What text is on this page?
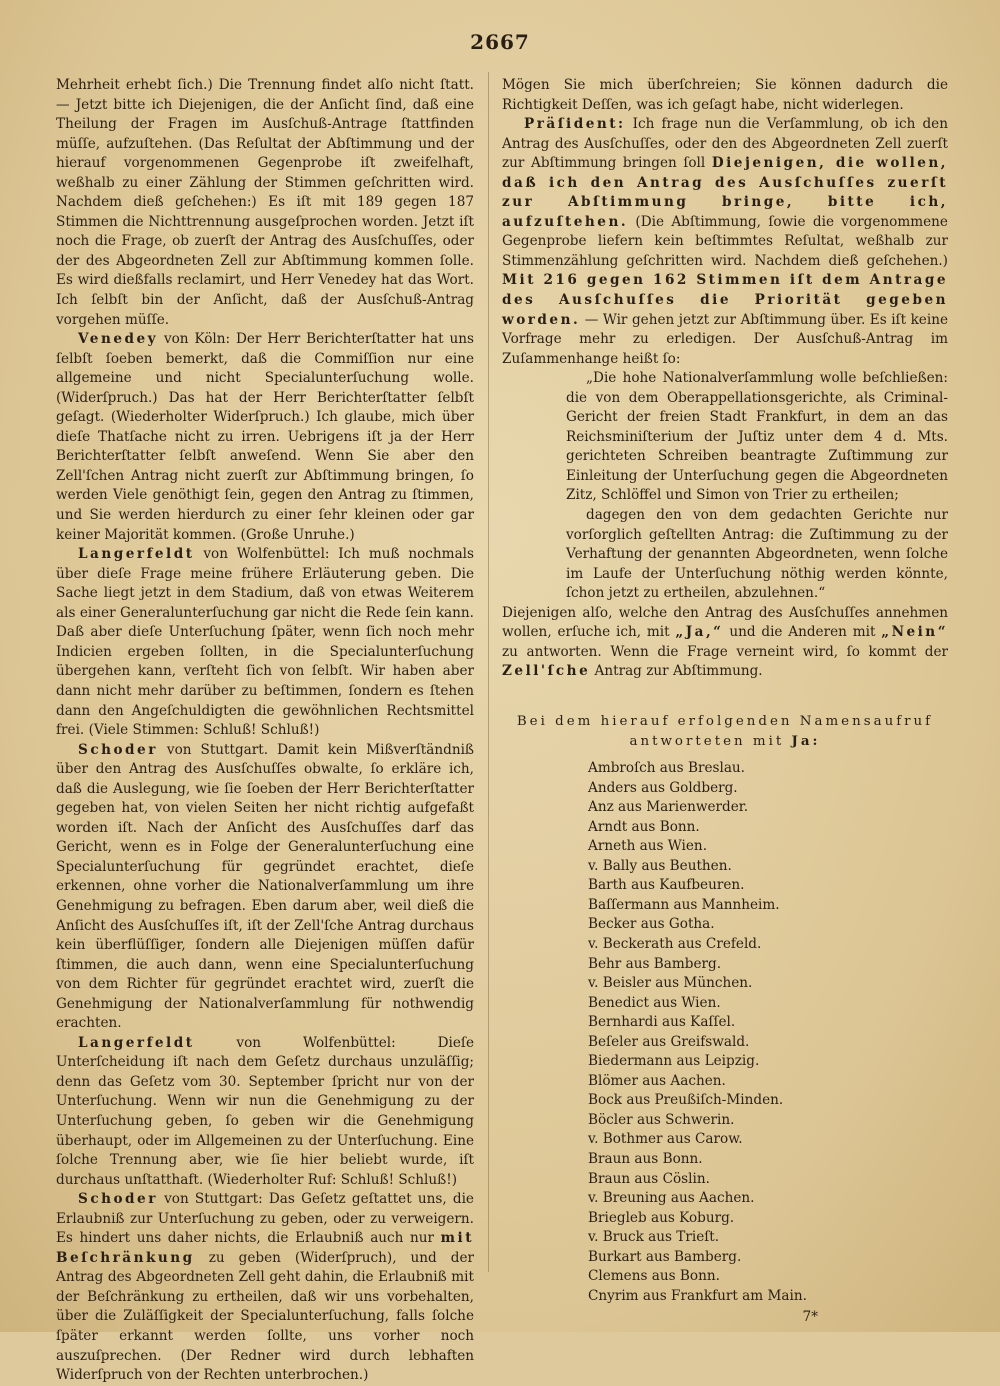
2667

Mehrheit erhebt ſich.) Die Trennung findet alſo nicht ſtatt. — Jetzt bitte ich Diejenigen, die der Anſicht ſind, daß eine Theilung der Fragen im Ausſchuß-Antrage ſtattfinden müſſe, aufzuſtehen. (Das Reſultat der Abſtimmung und der hierauf vorgenommenen Gegenprobe iſt zweifelhaft, weßhalb zu einer Zählung der Stimmen geſchritten wird. Nachdem dieß geſchehen:) Es iſt mit 189 gegen 187 Stimmen die Nichttrennung ausgeſprochen worden. Jetzt iſt noch die Frage, ob zuerſt der Antrag des Ausſchuſſes, oder der des Abgeordneten Zell zur Abſtimmung kommen ſolle. Es wird dießfalls reclamirt, und Herr Venedey hat das Wort. Ich ſelbſt bin der Anſicht, daß der Ausſchuß-Antrag vorgehen müſſe.

Venedey von Köln: Der Herr Berichterſtatter hat uns ſelbſt ſoeben bemerkt, daß die Commiſſion nur eine allgemeine und nicht Specialunterſuchung wolle. (Widerſpruch.) Das hat der Herr Berichterſtatter ſelbſt geſagt. (Wiederholter Widerſpruch.) Ich glaube, mich über dieſe Thatſache nicht zu irren. Uebrigens iſt ja der Herr Berichterſtatter ſelbſt anweſend. Wenn Sie aber den Zell'ſchen Antrag nicht zuerſt zur Abſtimmung bringen, ſo werden Viele genöthigt ſein, gegen den Antrag zu ſtimmen, und Sie werden hierdurch zu einer ſehr kleinen oder gar keiner Majorität kommen. (Große Unruhe.)

Langerfeldt von Wolfenbüttel: Ich muß nochmals über dieſe Frage meine frühere Erläuterung geben. Die Sache liegt jetzt in dem Stadium, daß von etwas Weiterem als einer Generalunterſuchung gar nicht die Rede ſein kann. Daß aber dieſe Unterſuchung ſpäter, wenn ſich noch mehr Indicien ergeben ſollten, in die Specialunterſuchung übergehen kann, verſteht ſich von ſelbſt. Wir haben aber dann nicht mehr darüber zu beſtimmen, ſondern es ſtehen dann den Angeſchuldigten die gewöhnlichen Rechtsmittel frei. (Viele Stimmen: Schluß! Schluß!)

Schoder von Stuttgart. Damit kein Mißverſtändniß über den Antrag des Ausſchuſſes obwalte, ſo erkläre ich, daß die Auslegung, wie ſie ſoeben der Herr Berichterſtatter gegeben hat, von vielen Seiten her nicht richtig aufgefaßt worden iſt. Nach der Anſicht des Ausſchuſſes darf das Gericht, wenn es in Folge der Generalunterſuchung eine Specialunterſuchung für gegründet erachtet, dieſe erkennen, ohne vorher die Nationalverſammlung um ihre Genehmigung zu befragen. Eben darum aber, weil dieß die Anſicht des Ausſchuſſes iſt, iſt der Zell'ſche Antrag durchaus kein überflüſſiger, ſondern alle Diejenigen müſſen dafür ſtimmen, die auch dann, wenn eine Specialunterſuchung von dem Richter für gegründet erachtet wird, zuerſt die Genehmigung der Nationalverſammlung für nothwendig erachten.

Langerfeldt	von Wolfenbüttel: Dieſe Unterſcheidung iſt nach dem Geſetz durchaus unzuläſſig; denn das Geſetz vom 30. September ſpricht nur von der Unterſuchung. Wenn wir nun die Genehmigung zu der Unterſuchung geben, ſo geben wir die Genehmigung überhaupt, oder im Allgemeinen zu der Unterſuchung. Eine ſolche Trennung aber, wie ſie hier beliebt wurde, iſt durchaus unſtatthaft. (Wiederholter Ruf: Schluß! Schluß!)

Schoder von Stuttgart: Das Geſetz geſtattet uns, die Erlaubniß zur Unterſuchung zu geben, oder zu verweigern. Es hindert uns daher nichts, die Erlaubniß auch nur mit Beſchränkung zu geben (Widerſpruch), und der Antrag des Abgeordneten Zell geht dahin, die Erlaubniß mit der Beſchränkung zu ertheilen, daß wir uns vorbehalten, über die Zuläſſigkeit der Specialunterſuchung, falls ſolche ſpäter erkannt werden ſollte, uns vorher noch auszuſprechen. (Der Redner wird durch lebhaften Widerſpruch von der Rechten unterbrochen.)

Mögen Sie mich überſchreien; Sie können dadurch die Richtigkeit Deſſen, was ich geſagt habe, nicht widerlegen.

Präſident: Ich frage nun die Verſammlung, ob ich den Antrag des Ausſchuſſes, oder den des Abgeordneten Zell zuerſt zur Abſtimmung bringen ſoll Diejenigen, die wollen, daß ich den Antrag des Ausſchuſſes zuerſt zur Abſtimmung bringe, bitte ich, aufzuſtehen. (Die Abſtimmung, ſowie die vorgenommene Gegenprobe liefern kein beſtimmtes Reſultat, weßhalb zur Stimmenzählung geſchritten wird. Nachdem dieß geſchehen.) Mit 216 gegen 162 Stimmen iſt dem Antrage des Ausſchuſſes die Priorität gegeben worden. — Wir gehen jetzt zur Abſtimmung über. Es iſt keine Vorfrage mehr zu erledigen. Der Ausſchuß-Antrag im Zuſammenhange heißt ſo:

„Die hohe Nationalverſammlung wolle beſchließen: die von dem Oberappellationsgerichte, als Criminal-Gericht der freien Stadt Frankfurt, in dem an das Reichsminiſterium der Juſtiz unter dem 4 d. Mts. gerichteten Schreiben beantragte Zuſtimmung zur Einleitung der Unterſuchung gegen die Abgeordneten Zitz, Schlöffel und Simon von Trier zu ertheilen;

dagegen den von dem gedachten Gerichte nur vorſorglich geſtellten Antrag: die Zuſtimmung zu der Verhaftung der genannten Abgeordneten, wenn ſolche im Laufe der Unterſuchung nöthig werden könnte, ſchon jetzt zu ertheilen, abzulehnen.“

Diejenigen alſo, welche den Antrag des Ausſchuſſes annehmen wollen, erſuche ich, mit „Ja,“ und die Anderen mit „Nein“ zu antworten. Wenn die Frage verneint wird, ſo kommt der Zell'ſche Antrag zur Abſtimmung.

Bei dem hierauf erfolgenden Namensaufruf
antworteten mit Ja:
Ambroſch aus Breslau.
Anders aus Goldberg.
Anz aus Marienwerder.
Arndt aus Bonn.
Arneth aus Wien.
v. Bally aus Beuthen.
Barth aus Kaufbeuren.
Baſſermann aus Mannheim.
Becker aus Gotha.
v. Beckerath aus Crefeld.
Behr aus Bamberg.
v. Beisler aus München.
Benedict aus Wien.
Bernhardi aus Kaſſel.
Beſeler aus Greifswald.
Biedermann aus Leipzig.
Blömer aus Aachen.
Bock aus Preußiſch-Minden.
Böcler aus Schwerin.
v. Bothmer aus Carow.
Braun aus Bonn.
Braun aus Cöslin.
v. Breuning aus Aachen.
Briegleb aus Koburg.
v. Bruck aus Trieſt.
Burkart aus Bamberg.
Clemens aus Bonn.
Cnyrim aus Frankfurt am Main.
7*
